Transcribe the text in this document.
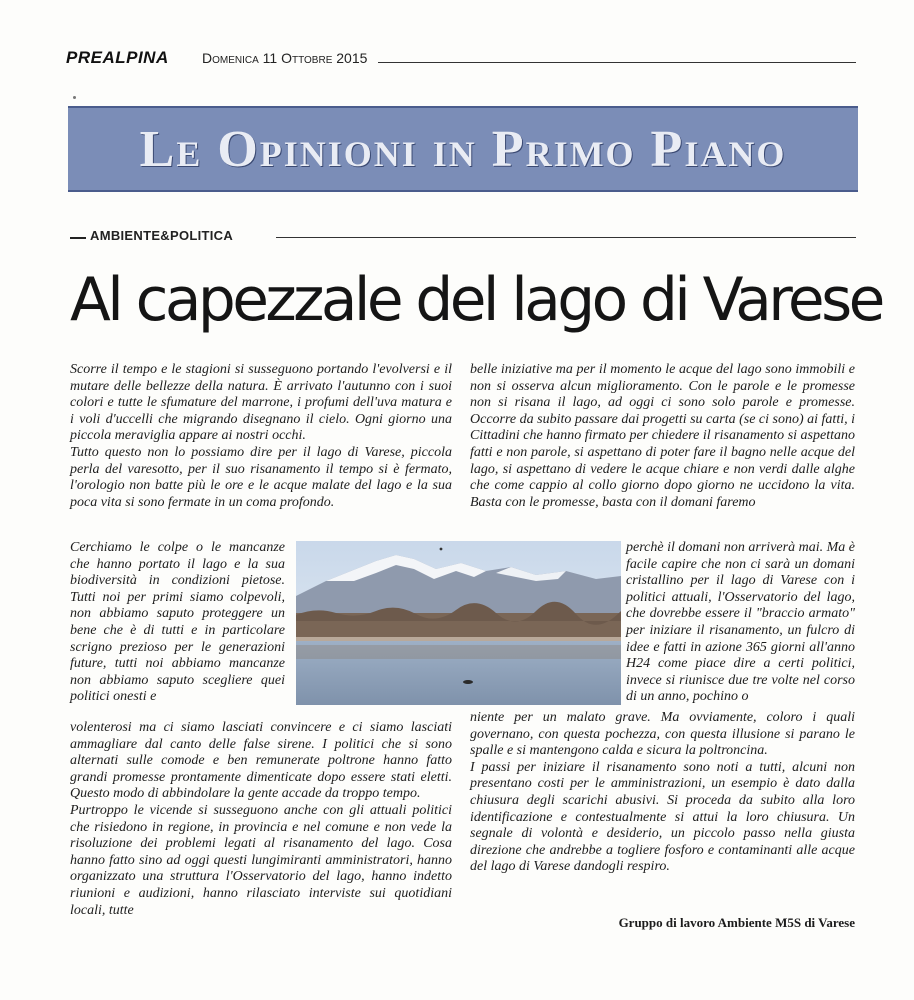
PREALPINA Domenica 11 Ottobre 2015
Le Opinioni in Primo Piano
AMBIENTE&POLITICA
Al capezzale del lago di Varese

Scorre il tempo e le stagioni si susseguono portando l'evolversi e il mutare delle bellezze della natura. È arrivato l'autunno con i suoi colori e tutte le sfumature del marrone, i profumi dell'uva matura e i voli d'uccelli che migrando disegnano il cielo. Ogni giorno una piccola meraviglia appare ai nostri occhi.

Tutto questo non lo possiamo dire per il lago di Varese, piccola perla del varesotto, per il suo risanamento il tempo si è fermato, l'orologio non batte più le ore e le acque malate del lago e la sua poca vita si sono fermate in un coma profondo.

belle iniziative ma per il momento le acque del lago sono immobili e non si osserva alcun miglioramento. Con le parole e le promesse non si risana il lago, ad oggi ci sono solo parole e promesse. Occorre da subito passare dai progetti su carta (se ci sono) ai fatti, i Cittadini che hanno firmato per chiedere il risanamento si aspettano fatti e non parole, si aspettano di poter fare il bagno nelle acque del lago, si aspettano di vedere le acque chiare e non verdi dalle alghe che come cappio al collo giorno dopo giorno ne uccidono la vita. Basta con le promesse, basta con il domani faremo

Cerchiamo le colpe o le mancanze che hanno portato il lago e la sua biodiversità in condizioni pietose. Tutti noi per primi siamo colpevoli, non abbiamo saputo proteggere un bene che è di tutti e in particolare scrigno prezioso per le generazioni future, tutti noi abbiamo mancanze non abbiamo saputo scegliere quei politici onesti e

perchè il domani non arriverà mai. Ma è facile capire che non ci sarà un domani cristallino per il lago di Varese con i politici attuali, l'Osservatorio del lago, che dovrebbe essere il "braccio armato" per iniziare il risanamento, un fulcro di idee e fatti in azione 365 giorni all'anno H24 come piace dire a certi politici, invece si riunisce due tre volte nel corso di un anno, pochino o

volenterosi ma ci siamo lasciati convincere e ci siamo lasciati ammagliare dal canto delle false sirene. I politici che si sono alternati sulle comode e ben remunerate poltrone hanno fatto grandi promesse prontamente dimenticate dopo essere stati eletti. Questo modo di abbindolare la gente accade da troppo tempo.

Purtroppo le vicende si susseguono anche con gli attuali politici che risiedono in regione, in provincia e nel comune e non vede la risoluzione dei problemi legati al risanamento del lago. Cosa hanno fatto sino ad oggi questi lungimiranti amministratori, hanno organizzato una struttura l'Osservatorio del lago, hanno indetto riunioni e audizioni, hanno rilasciato interviste sui quotidiani locali, tutte

niente per un malato grave. Ma ovviamente, coloro i quali governano, con questa pochezza, con questa illusione si parano le spalle e si mantengono calda e sicura la poltroncina.

I passi per iniziare il risanamento sono noti a tutti, alcuni non presentano costi per le amministrazioni, un esempio è dato dalla chiusura degli scarichi abusivi. Si proceda da subito alla loro identificazione e contestualmente si attui la loro chiusura. Un segnale di volontà e desiderio, un piccolo passo nella giusta direzione che andrebbe a togliere fosforo e contaminanti alle acque del lago di Varese dandogli respiro.

Gruppo di lavoro Ambiente M5S di Varese
